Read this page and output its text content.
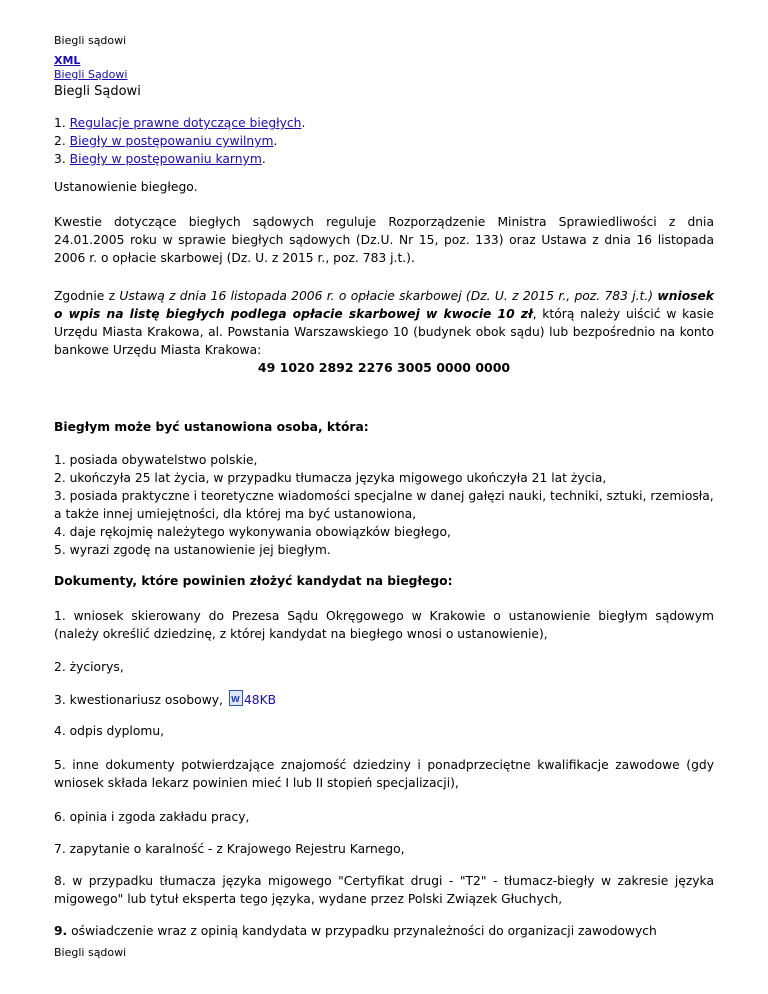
Biegli sądowi
XML
Biegli Sądowi
Biegli Sądowi

1. Regulacje prawne dotyczące biegłych.

2. Biegły w postępowaniu cywilnym.

3. Biegły w postępowaniu karnym.

Ustanowienie biegłego.
Kwestie dotyczące biegłych sądowych reguluje Rozporządzenie Ministra Sprawiedliwości z dnia 24.01.2005 roku w sprawie biegłych sądowych (Dz.U. Nr 15, poz. 133) oraz Ustawa z dnia 16 listopada 2006 r. o opłacie skarbowej (Dz. U. z 2015 r., poz. 783 j.t.).
Zgodnie z Ustawą z dnia 16 listopada 2006 r. o opłacie skarbowej (Dz. U. z 2015 r., poz. 783 j.t.) wniosek o wpis na listę biegłych podlega opłacie skarbowej w kwocie 10 zł, którą należy uiścić w kasie Urzędu Miasta Krakowa, al. Powstania Warszawskiego 10 (budynek obok sądu) lub bezpośrednio na konto bankowe Urzędu Miasta Krakowa:
49 1020 2892 2276 3005 0000 0000
Biegłym może być ustanowiona osoba, która:

1. posiada obywatelstwo polskie,

2. ukończyła 25 lat życia, w przypadku tłumacza języka migowego ukończyła 21 lat życia,

3. posiada praktyczne i teoretyczne wiadomości specjalne w danej gałęzi nauki, techniki, sztuki, rzemiosła, a także innej umiejętności, dla której ma być ustanowiona,

4. daje rękojmię należytego wykonywania obowiązków biegłego,

5. wyrazi zgodę na ustanowienie jej biegłym.

Dokumenty, które powinien złożyć kandydat na biegłego:
1. wniosek skierowany do Prezesa Sądu Okręgowego w Krakowie o ustanowienie biegłym sądowym (należy określić dziedzinę, z której kandydat na biegłego wnosi o ustanowienie),
2. życiorys,
3. kwestionariusz osobowy, W 48KB
4. odpis dyplomu,
5. inne dokumenty potwierdzające znajomość dziedziny i ponadprzeciętne kwalifikacje zawodowe (gdy wniosek składa lekarz powinien mieć I lub II stopień specjalizacji),
6. opinia i zgoda zakładu pracy,
7. zapytanie o karalność - z Krajowego Rejestru Karnego,
8. w przypadku tłumacza języka migowego "Certyfikat drugi - "T2" - tłumacz-biegły w zakresie języka migowego" lub tytuł eksperta tego języka, wydane przez Polski Związek Głuchych,
9. oświadczenie wraz z opinią kandydata w przypadku przynależności do organizacji zawodowych
Biegli sądowi
